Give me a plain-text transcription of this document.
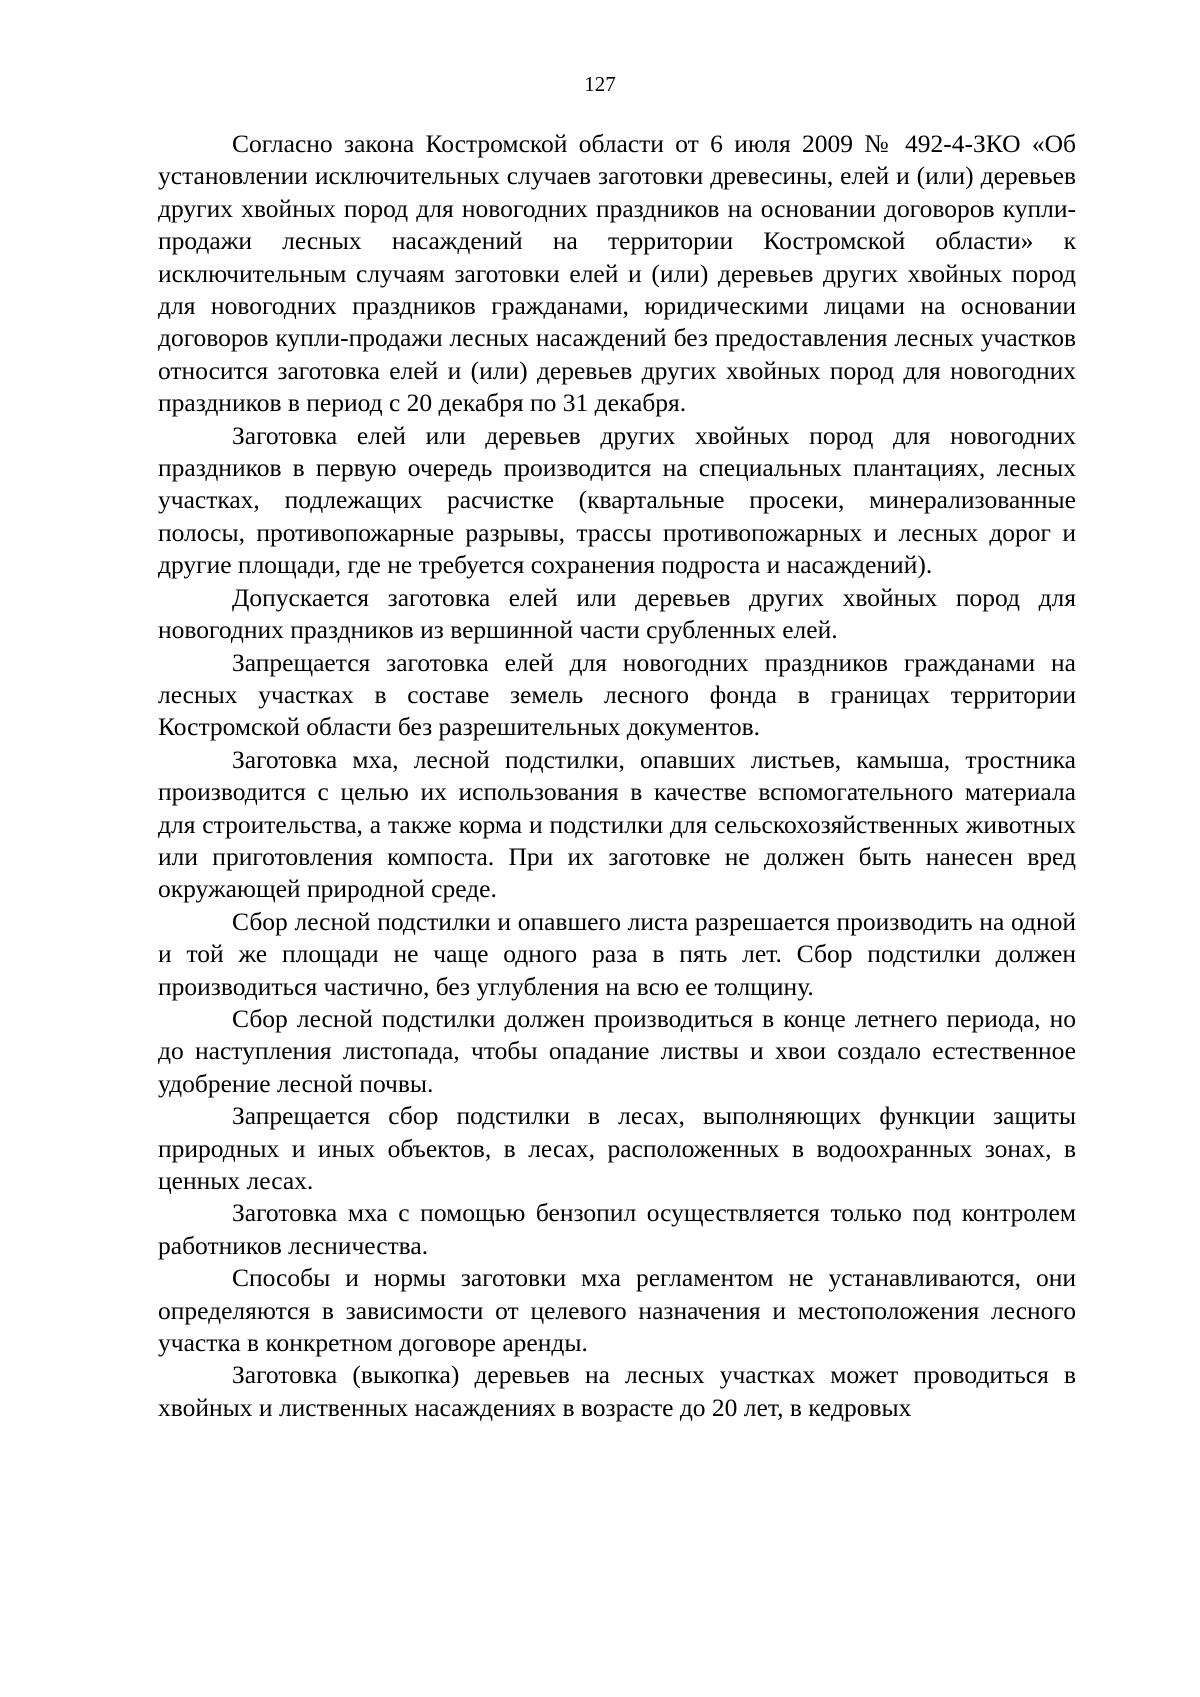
127

Согласно закона Костромской области от 6 июля 2009 № 492-4-ЗКО «Об установлении исключительных случаев заготовки древесины, елей и (или) деревьев других хвойных пород для новогодних праздников на основании договоров купли-продажи лесных насаждений на территории Костромской области» к исключительным случаям заготовки елей и (или) деревьев других хвойных пород для новогодних праздников гражданами, юридическими лицами на основании договоров купли-продажи лесных насаждений без предоставления лесных участков относится заготовка елей и (или) деревьев других хвойных пород для новогодних праздников в период с 20 декабря по 31 декабря.

Заготовка елей или деревьев других хвойных пород для новогодних праздников в первую очередь производится на специальных плантациях, лесных участках, подлежащих расчистке (квартальные просеки, минерализованные полосы, противопожарные разрывы, трассы противопожарных и лесных дорог и другие площади, где не требуется сохранения подроста и насаждений).

Допускается заготовка елей или деревьев других хвойных пород для новогодних праздников из вершинной части срубленных елей.

Запрещается заготовка елей для новогодних праздников гражданами на лесных участках в составе земель лесного фонда в границах территории Костромской области без разрешительных документов.

Заготовка мха, лесной подстилки, опавших листьев, камыша, тростника производится с целью их использования в качестве вспомогательного материала для строительства, а также корма и подстилки для сельскохозяйственных животных или приготовления компоста. При их заготовке не должен быть нанесен вред окружающей природной среде.

Сбор лесной подстилки и опавшего листа разрешается производить на одной и той же площади не чаще одного раза в пять лет. Сбор подстилки должен производиться частично, без углубления на всю ее толщину.

Сбор лесной подстилки должен производиться в конце летнего периода, но до наступления листопада, чтобы опадание листвы и хвои создало естественное удобрение лесной почвы.

Запрещается сбор подстилки в лесах, выполняющих функции защиты природных и иных объектов, в лесах, расположенных в водоохранных зонах, в ценных лесах.

Заготовка мха с помощью бензопил осуществляется только под контролем работников лесничества.

Способы и нормы заготовки мха регламентом не устанавливаются, они определяются в зависимости от целевого назначения и местоположения лесного участка в конкретном договоре аренды.

Заготовка (выкопка) деревьев на лесных участках может проводиться в хвойных и лиственных насаждениях в возрасте до 20 лет, в кедровых
